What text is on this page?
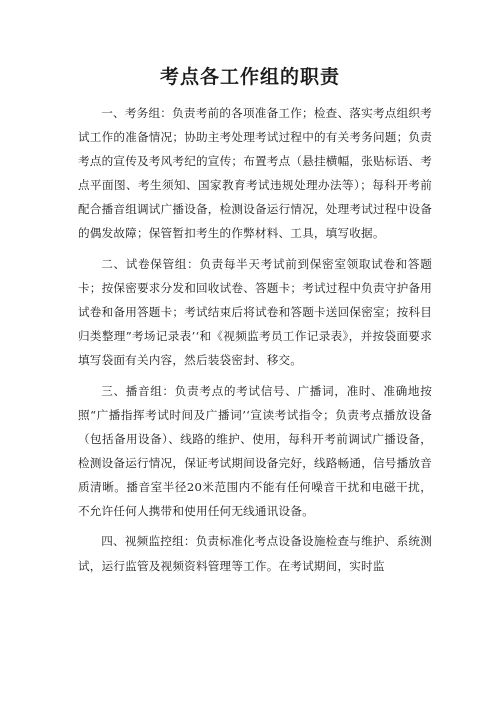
考点各工作组的职责

一、考务组：负责考前的各项准备工作；检查、落实考点组织考试工作的准备情况；协助主考处理考试过程中的有关考务问题；负责考点的宣传及考风考纪的宣传；布置考点（悬挂横幅，张贴标语、考点平面图、考生须知、国家教育考试违规处理办法等）；每科开考前配合播音组调试广播设备，检测设备运行情况，处理考试过程中设备的偶发故障；保管暂扣考生的作弊材料、工具，填写收据。

二、试卷保管组：负责每半天考试前到保密室领取试卷和答题卡；按保密要求分发和回收试卷、答题卡；考试过程中负责守护备用试卷和备用答题卡；考试结束后将试卷和答题卡送回保密室；按科目归类整理”考场记录表’‘和《视频监考员工作记录表》，并按袋面要求填写袋面有关内容，然后装袋密封、移交。

三、播音组：负责考点的考试信号、广播词，准时、准确地按照“广播指挥考试时间及广播词’‘宣读考试指令；负责考点播放设备（包括备用设备）、线路的维护、使用，每科开考前调试广播设备，检测设备运行情况，保证考试期间设备完好，线路畅通，信号播放音质清晰。播音室半径20米范围内不能有任何噪音干扰和电磁干扰，不允许任何人携带和使用任何无线通讯设备。

四、视频监控组：负责标准化考点设备设施检查与维护、系统测试，运行监管及视频资料管理等工作。在考试期间，实时监
